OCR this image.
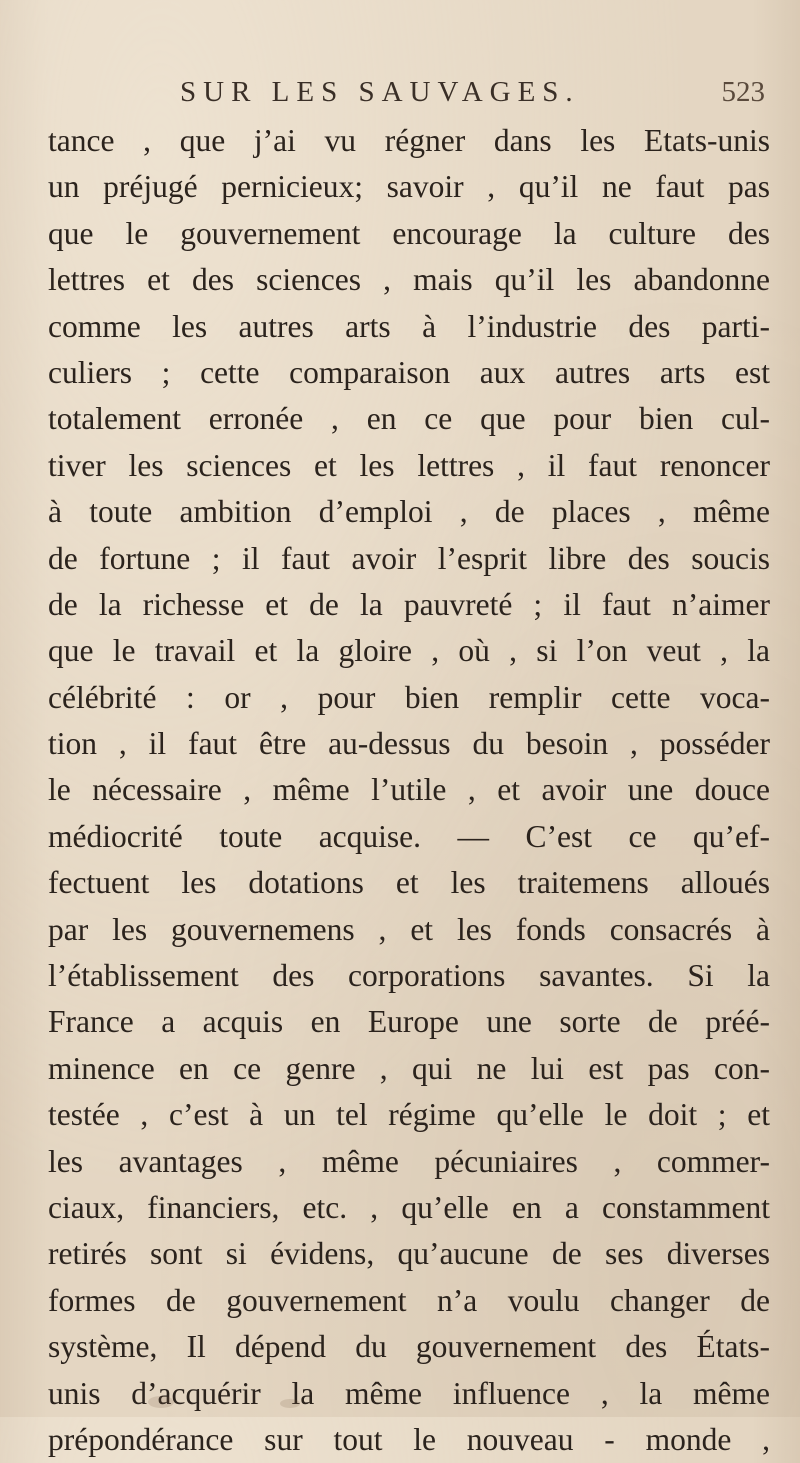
SUR LES SAUVAGES.	523
tance , que j’ai vu régner dans les Etats-unis
un préjugé pernicieux; savoir , qu’il ne faut pas
que le gouvernement encourage la culture des
lettres et des sciences , mais qu’il les abandonne
comme les autres arts à l’industrie des parti-
culiers ; cette comparaison aux autres arts est
totalement erronée , en ce que pour bien cul-
tiver les sciences et les lettres , il faut renoncer
à toute ambition d’emploi , de places , même
de fortune ; il faut avoir l’esprit libre des soucis
de la richesse et de la pauvreté ; il faut n’aimer
que le travail et la gloire , où , si l’on veut , la
célébrité : or , pour bien remplir cette voca-
tion , il faut être au-dessus du besoin , posséder
le nécessaire , même l’utile , et avoir une douce
médiocrité toute acquise. — C’est ce qu’ef-
fectuent les dotations et les traitemens alloués
par les gouvernemens , et les fonds consacrés à
l’établissement des corporations savantes. Si la
France a acquis en Europe une sorte de préé-
minence en ce genre , qui ne lui est pas con-
testée , c’est à un tel régime qu’elle le doit ; et
les avantages , même pécuniaires , commer-
ciaux, financiers, etc. , qu’elle en a constamment
retirés sont si évidens, qu’aucune de ses diverses
formes de gouvernement n’a voulu changer de
système, Il dépend du gouvernement des États-
unis d’acquérir la même influence , la même
prépondérance sur tout le nouveau - monde ,
